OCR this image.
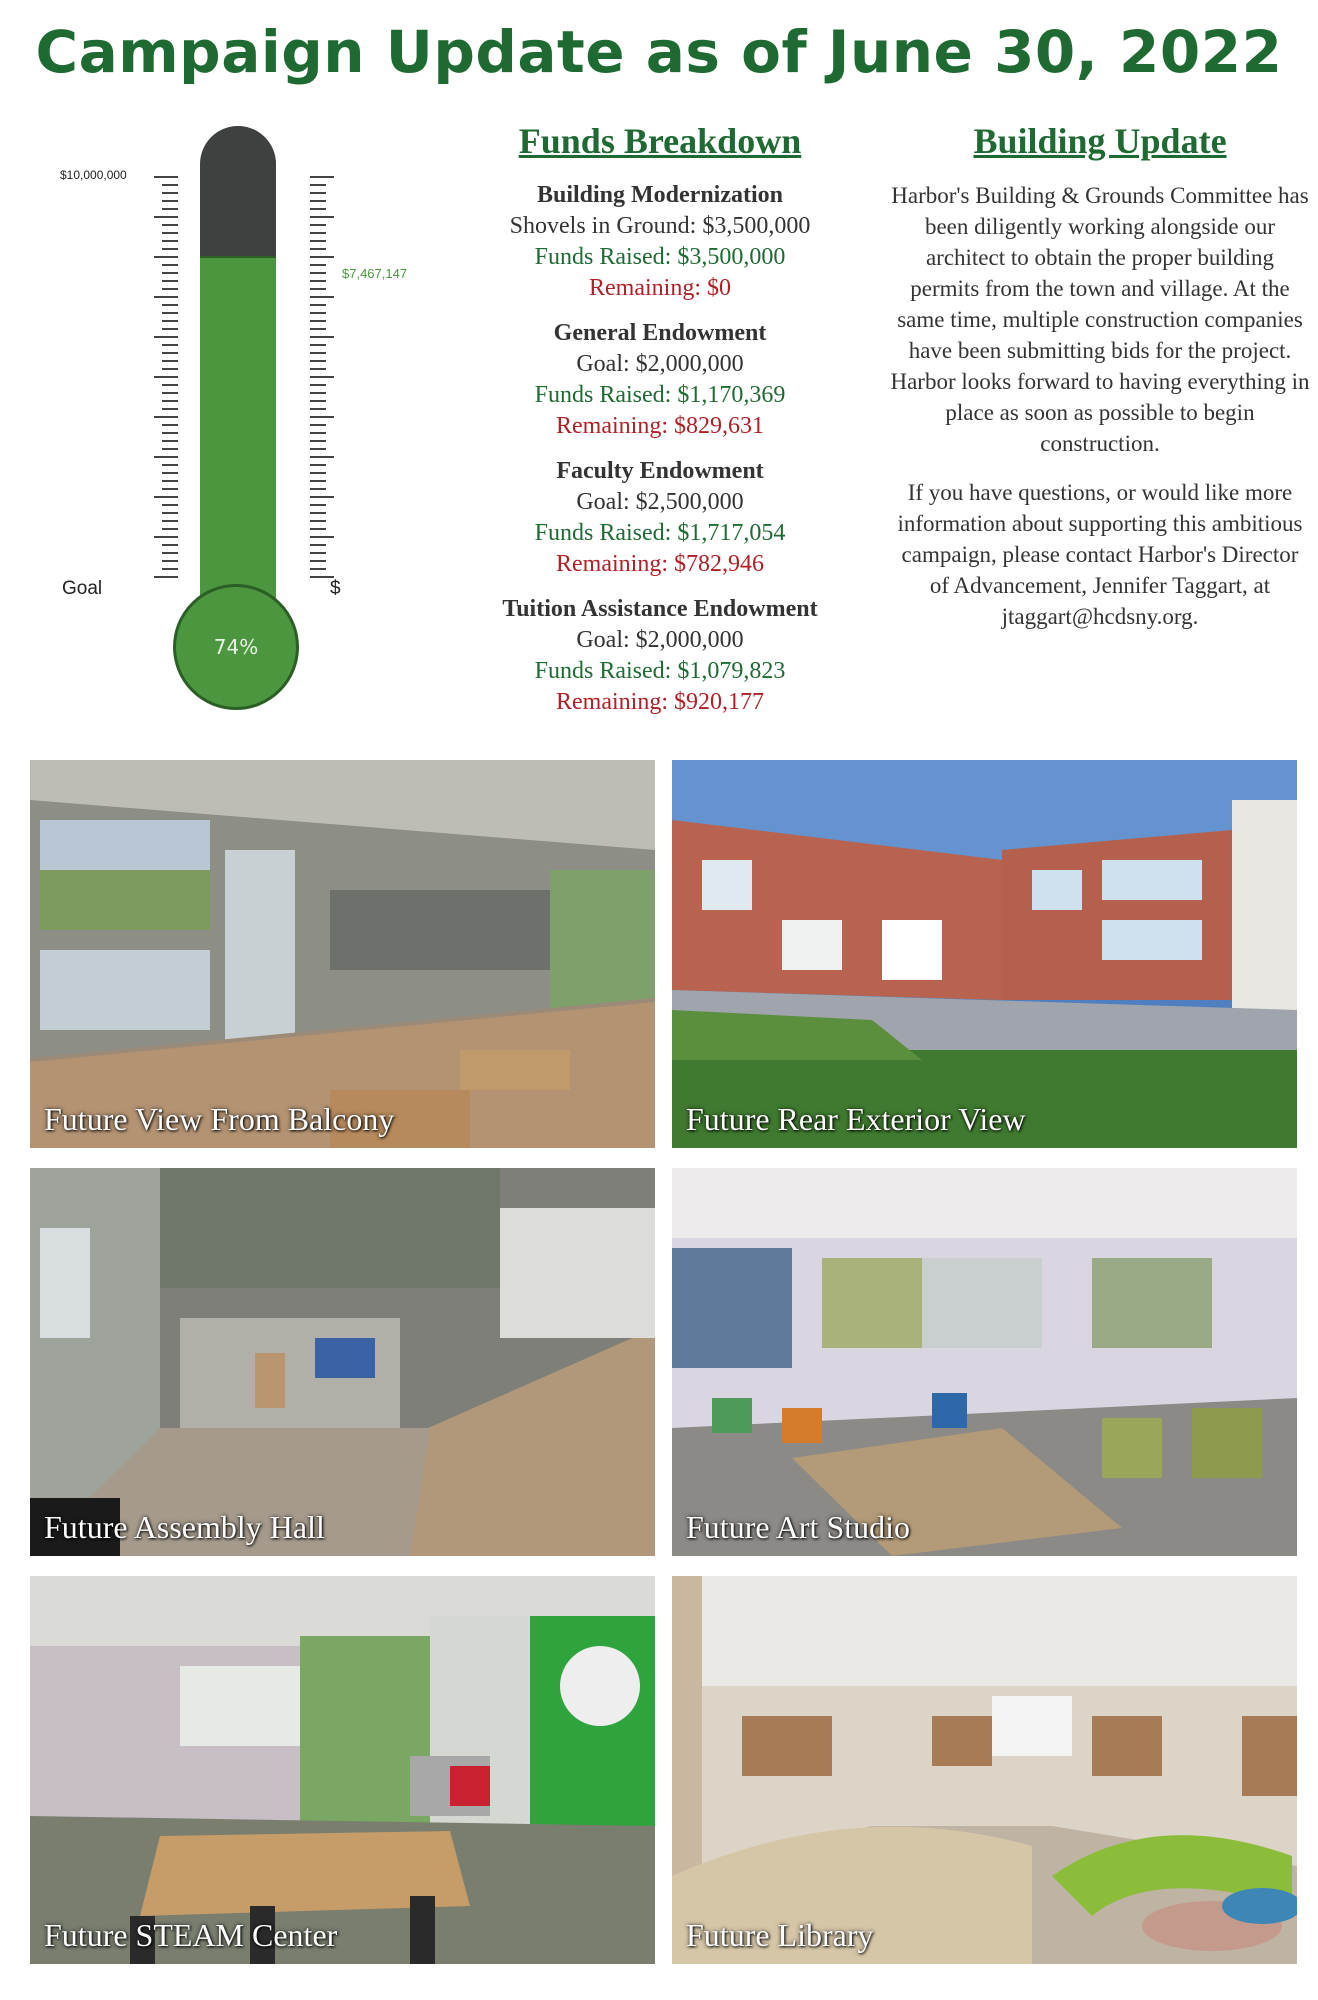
Campaign Update as of June 30, 2022
$10,000,000
$7,467,147
74%
Goal	$
Funds Breakdown
Building Modernization
Shovels in Ground: $3,500,000
Funds Raised: $3,500,000
Remaining: $0
General Endowment
Goal: $2,000,000
Funds Raised: $1,170,369
Remaining: $829,631
Faculty Endowment
Goal: $2,500,000
Funds Raised: $1,717,054
Remaining: $782,946
Tuition Assistance Endowment
Goal: $2,000,000
Funds Raised: $1,079,823
Remaining: $920,177
Building Update

Harbor's Building & Grounds Committee has been diligently working alongside our architect to obtain the proper building permits from the town and village. At the same time, multiple construction companies have been submitting bids for the project. Harbor looks forward to having everything in place as soon as possible to begin construction.

If you have questions, or would like more information about supporting this ambitious campaign, please contact Harbor's Director of Advancement, Jennifer Taggart, at jtaggart@hcdsny.org.

Future View From Balcony	Future Rear Exterior View
Future Assembly Hall	Future Art Studio
Future STEAM Center	Future Library
